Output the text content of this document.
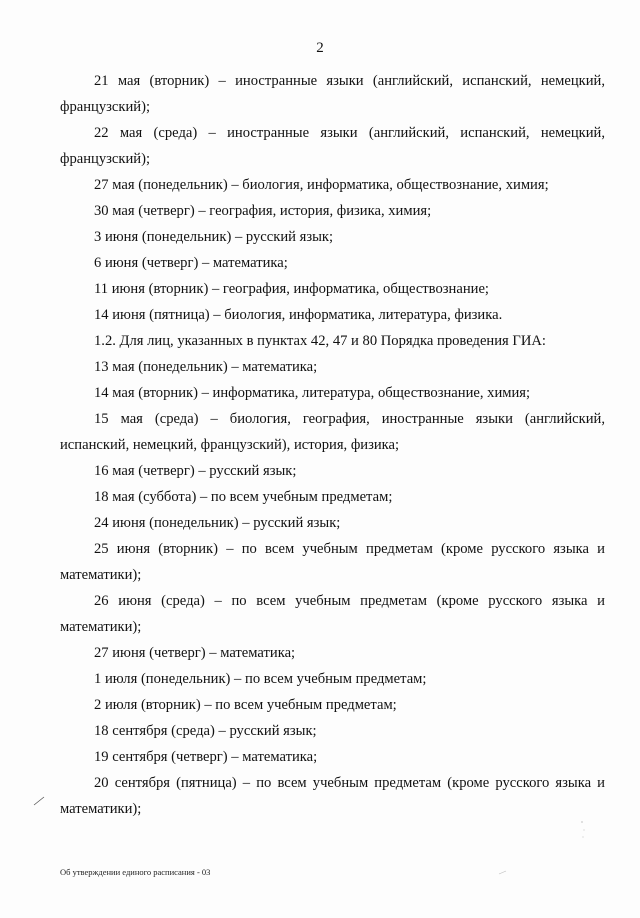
2

21 мая (вторник) – иностранные языки (английский, испанский, немецкий, французский);

22 мая (среда) – иностранные языки (английский, испанский, немецкий, французский);

27 мая (понедельник) – биология, информатика, обществознание, химия;

30 мая (четверг) – география, история, физика, химия;

3 июня (понедельник) – русский язык;

6 июня (четверг) – математика;

11 июня (вторник) – география, информатика, обществознание;

14 июня (пятница) – биология, информатика, литература, физика.

1.2. Для лиц, указанных в пунктах 42, 47 и 80 Порядка проведения ГИА:

13 мая (понедельник) – математика;

14 мая (вторник) – информатика, литература, обществознание, химия;

15 мая (среда) – биология, география, иностранные языки (английский, испанский, немецкий, французский), история, физика;

16 мая (четверг) – русский язык;

18 мая (суббота) – по всем учебным предметам;

24 июня (понедельник) – русский язык;

25 июня (вторник) – по всем учебным предметам (кроме русского языка и математики);

26 июня (среда) – по всем учебным предметам (кроме русского языка и математики);

27 июня (четверг) – математика;

1 июля (понедельник) – по всем учебным предметам;

2 июля (вторник) – по всем учебным предметам;

18 сентября (среда) – русский язык;

19 сентября (четверг) – математика;

20 сентября (пятница) – по всем учебным предметам (кроме русского языка и математики);

Об утверждении единого расписания - 03
